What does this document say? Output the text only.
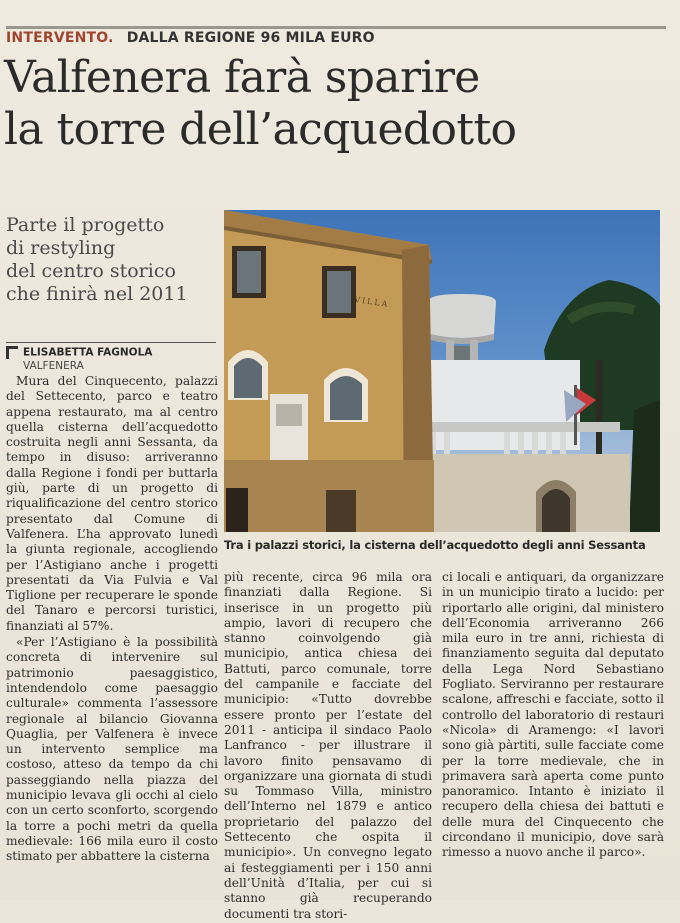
INTERVENTO. DALLA REGIONE 96 MILA EURO
Valfenera farà sparire
la torre dell’acquedotto
Parte il progetto
di restyling
del centro storico
che finirà nel 2011
ELISABETTA FAGNOLA
VALFENERA
VILLA
Tra i palazzi storici, la cisterna dell’acquedotto degli anni Sessanta

Mura del Cinquecento, palazzi del Settecento, parco e teatro appena restaurato, ma al centro quella cisterna dell’acquedotto costruita negli anni Sessanta, da tempo in disuso: arriveranno dalla Regione i fondi per buttarla giù, parte di un progetto di riqualificazione del centro storico presentato dal Comune di Valfenera. L’ha approvato lunedì la giunta regionale, accogliendo per l’Astigiano anche i progetti presentati da Via Fulvia e Val Tiglione per recuperare le sponde del Tanaro e percorsi turistici, finanziati al 57%.

«Per l’Astigiano è la possibilità concreta di intervenire sul patrimonio paesaggistico, intendendolo come paesaggio culturale» commenta l’assessore regionale al bilancio Giovanna Quaglia, per Valfenera è invece un intervento semplice ma costoso, atteso da tempo da chi passeggiando nella piazza del municipio levava gli occhi al cielo con un certo sconforto, scorgendo la torre a pochi metri da quella medievale: 166 mila euro il costo stimato per abbattere la cisterna

più recente, circa 96 mila ora finanziati dalla Regione. Si inserisce in un progetto più ampio, lavori di recupero che stanno coinvolgendo già municipio, antica chiesa dei Battuti, parco comunale, torre del campanile e facciate del municipio: «Tutto dovrebbe essere pronto per l’estate del 2011 - anticipa il sindaco Paolo Lanfranco - per illustrare il lavoro finito pensavamo di organizzare una giornata di studi su Tommaso Villa, ministro dell’Interno nel 1879 e antico proprietario del palazzo del Settecento che ospita il municipio». Un convegno legato ai festeggiamenti per i 150 anni dell’Unità d’Italia, per cui si stanno già recuperando documenti tra stori-

ci locali e antiquari, da organizzare in un municipio tirato a lucido: per riportarlo alle origini, dal ministero dell’Economia arriveranno 266 mila euro in tre anni, richiesta di finanziamento seguita dal deputato della Lega Nord Sebastiano Fogliato. Serviranno per restaurare scalone, affreschi e facciate, sotto il controllo del laboratorio di restauri «Nicola» di Aramengo: «I lavori sono già pàrtiti, sulle facciate come per la torre medievale, che in primavera sarà aperta come punto panoramico. Intanto è iniziato il recupero della chiesa dei battuti e delle mura del Cinquecento che circondano il municipio, dove sarà rimesso a nuovo anche il parco».
